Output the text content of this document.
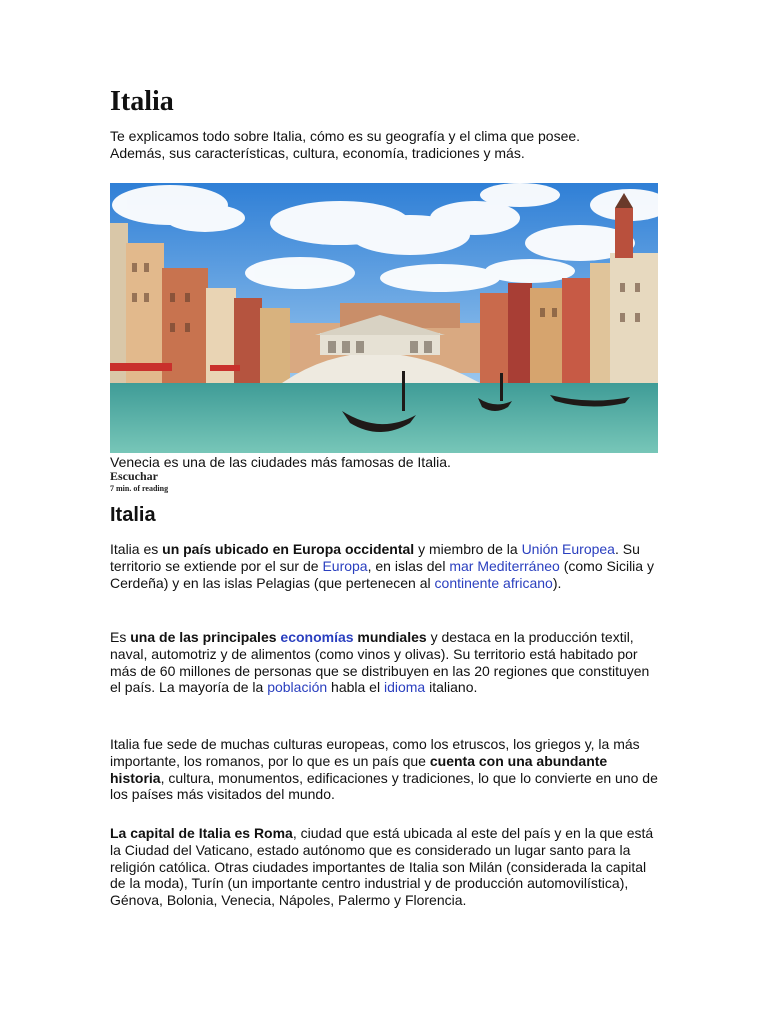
Italia

Te explicamos todo sobre Italia, cómo es su geografía y el clima que posee.
Además, sus características, cultura, economía, tradiciones y más.

Venecia es una de las ciudades más famosas de Italia.

Escuchar
7 min. of reading
Italia

Italia es un país ubicado en Europa occidental y miembro de la Unión Europea. Su territorio se extiende por el sur de Europa, en islas del mar Mediterráneo (como Sicilia y Cerdeña) y en las islas Pelagias (que pertenecen al continente africano).

Es una de las principales economías mundiales y destaca en la producción textil, naval, automotriz y de alimentos (como vinos y olivas). Su territorio está habitado por más de 60 millones de personas que se distribuyen en las 20 regiones que constituyen el país. La mayoría de la población habla el idioma italiano.

Italia fue sede de muchas culturas europeas, como los etruscos, los griegos y, la más importante, los romanos, por lo que es un país que cuenta con una abundante historia, cultura, monumentos, edificaciones y tradiciones, lo que lo convierte en uno de los países más visitados del mundo.

La capital de Italia es Roma, ciudad que está ubicada al este del país y en la que está la Ciudad del Vaticano, estado autónomo que es considerado un lugar santo para la religión católica. Otras ciudades importantes de Italia son Milán (considerada la capital de la moda), Turín (un importante centro industrial y de producción automovilística), Génova, Bolonia, Venecia, Nápoles, Palermo y Florencia.
